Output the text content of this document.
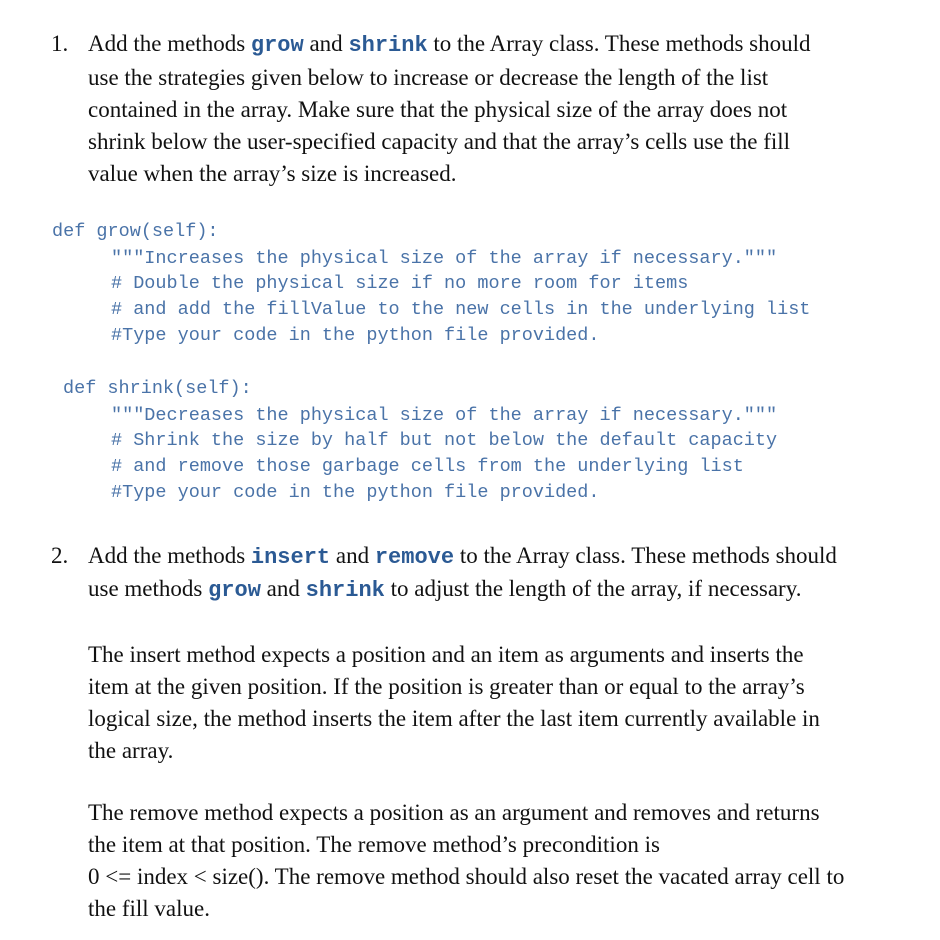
1. Add the methods grow and shrink to the Array class. These methods should
use the strategies given below to increase or decrease the length of the list
contained in the array. Make sure that the physical size of the array does not
shrink below the user-specified capacity and that the array’s cells use the fill
value when the array’s size is increased.
def grow(self):
"""Increases the physical size of the array if necessary."""
# Double the physical size if no more room for items
# and add the fillValue to the new cells in the underlying list
#Type your code in the python file provided.
def shrink(self):
"""Decreases the physical size of the array if necessary."""
# Shrink the size by half but not below the default capacity
# and remove those garbage cells from the underlying list
#Type your code in the python file provided.
2. Add the methods insert and remove to the Array class. These methods should
use methods grow and shrink to adjust the length of the array, if necessary.
The insert method expects a position and an item as arguments and inserts the
item at the given position. If the position is greater than or equal to the array’s
logical size, the method inserts the item after the last item currently available in
the array.
The remove method expects a position as an argument and removes and returns
the item at that position. The remove method’s precondition is
0 <= index < size(). The remove method should also reset the vacated array cell to
the fill value.
